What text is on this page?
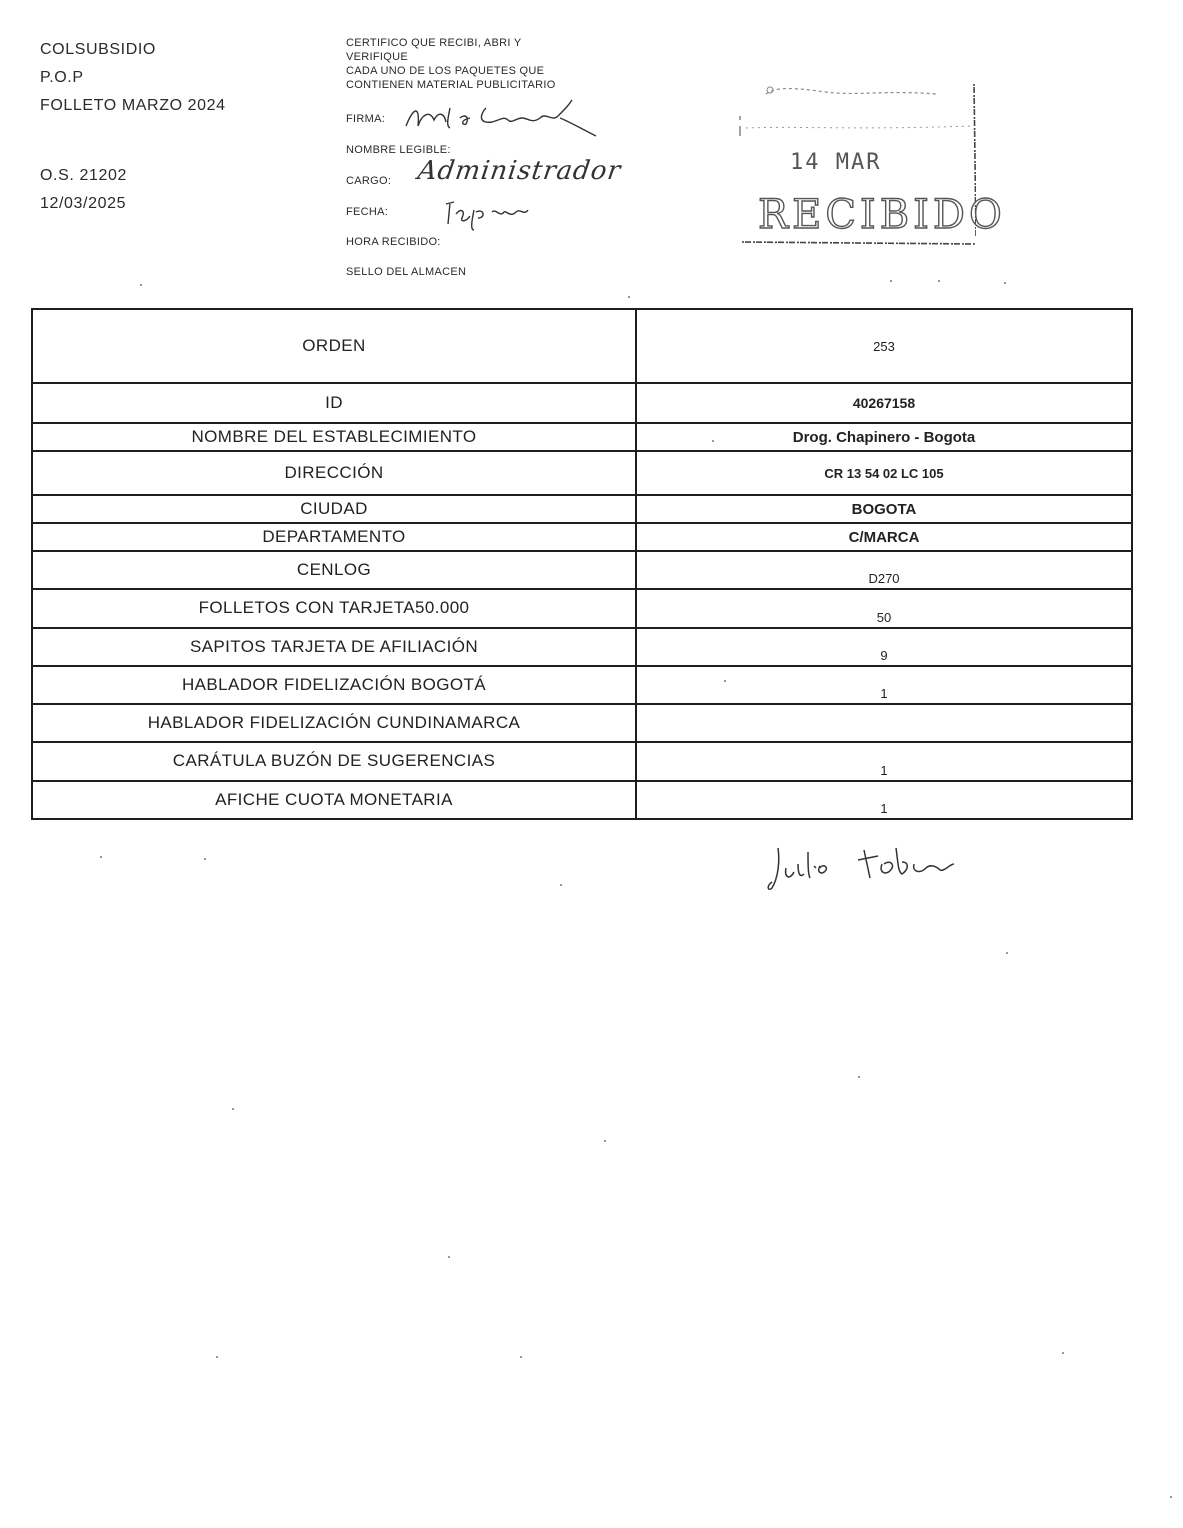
COLSUBSIDIO
P.O.P
FOLLETO MARZO 2024
O.S. 21202
12/03/2025
CERTIFICO QUE RECIBI, ABRI Y
VERIFIQUE
CADA UNO DE LOS PAQUETES QUE
CONTIENEN MATERIAL PUBLICITARIO
FIRMA:
NOMBRE LEGIBLE:
CARGO: Administrador
FECHA:
HORA RECIBIDO:
SELLO DEL ALMACEN
14 MAR
RECIBIDO
ORDEN	253
ID	40267158
NOMBRE DEL ESTABLECIMIENTO	Drog. Chapinero - Bogota
DIRECCIÓN	CR 13 54 02 LC 105
CIUDAD	BOGOTA
DEPARTAMENTO	C/MARCA
CENLOG	D270
FOLLETOS CON TARJETA50.000	50
SAPITOS TARJETA DE AFILIACIÓN	9
HABLADOR FIDELIZACIÓN BOGOTÁ	1
HABLADOR FIDELIZACIÓN CUNDINAMARCA	
CARÁTULA BUZÓN DE SUGERENCIAS	1
AFICHE CUOTA MONETARIA	1
